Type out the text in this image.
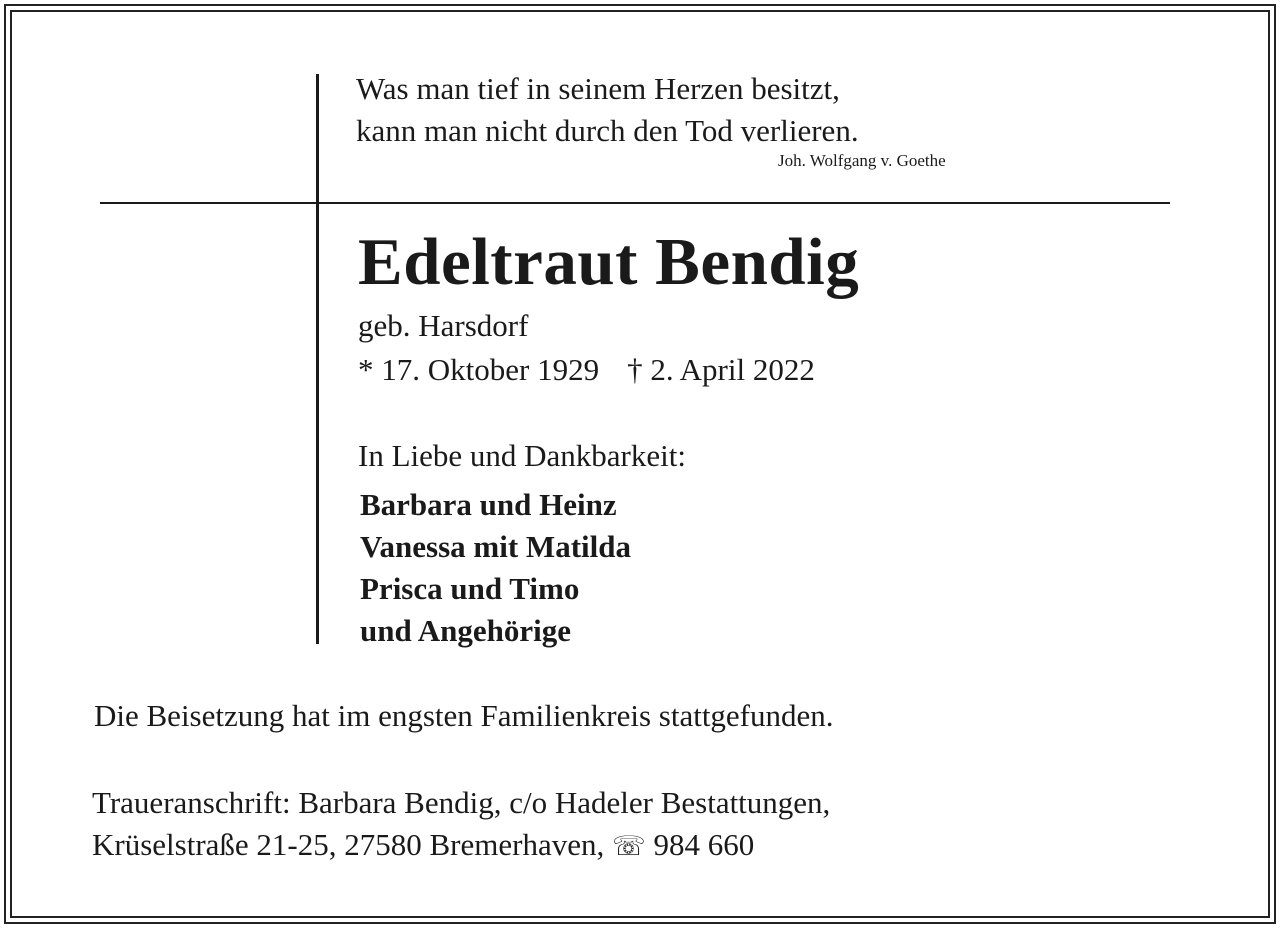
Was man tief in seinem Herzen besitzt,
kann man nicht durch den Tod verlieren.
Joh. Wolfgang v. Goethe
Edeltraut Bendig
geb. Harsdorf
* 17. Oktober 1929 † 2. April 2022
In Liebe und Dankbarkeit:
Barbara und Heinz
Vanessa mit Matilda
Prisca und Timo
und Angehörige
Die Beisetzung hat im engsten Familienkreis stattgefunden.
Traueranschrift: Barbara Bendig, c/o Hadeler Bestattungen,
Krüselstraße 21-25, 27580 Bremerhaven, ☏ 984 660
